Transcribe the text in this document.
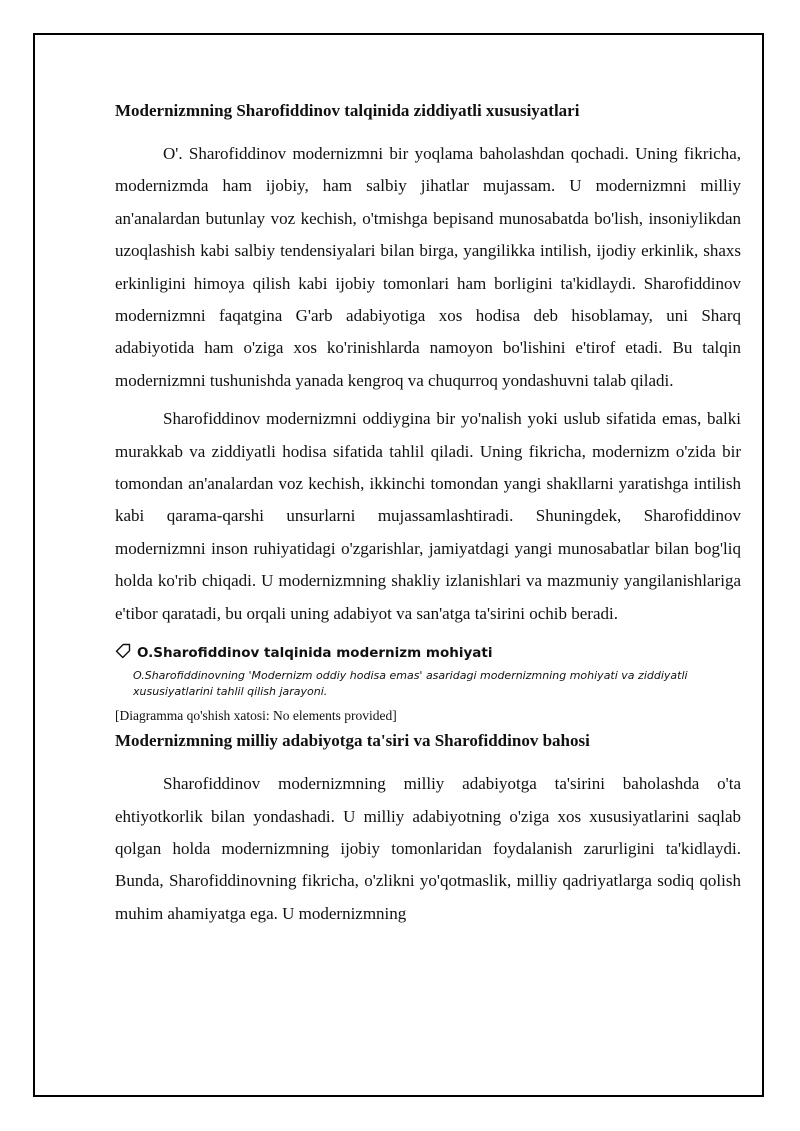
Modernizmning Sharofiddinov talqinida ziddiyatli xususiyatlari

O'. Sharofiddinov modernizmni bir yoqlama baholashdan qochadi. Uning fikricha, modernizmda ham ijobiy, ham salbiy jihatlar mujassam. U modernizmni milliy an'analardan butunlay voz kechish, o'tmishga bepisand munosabatda bo'lish, insoniylikdan uzoqlashish kabi salbiy tendensiyalari bilan birga, yangilikka intilish, ijodiy erkinlik, shaxs erkinligini himoya qilish kabi ijobiy tomonlari ham borligini ta'kidlaydi. Sharofiddinov modernizmni faqatgina G'arb adabiyotiga xos hodisa deb hisoblamay, uni Sharq adabiyotida ham o'ziga xos ko'rinishlarda namoyon bo'lishini e'tirof etadi. Bu talqin modernizmni tushunishda yanada kengroq va chuqurroq yondashuvni talab qiladi.

Sharofiddinov modernizmni oddiygina bir yo'nalish yoki uslub sifatida emas, balki murakkab va ziddiyatli hodisa sifatida tahlil qiladi. Uning fikricha, modernizm o'zida bir tomondan an'analardan voz kechish, ikkinchi tomondan yangi shakllarni yaratishga intilish kabi qarama-qarshi unsurlarni mujassamlashtiradi. Shuningdek, Sharofiddinov modernizmni inson ruhiyatidagi o'zgarishlar, jamiyatdagi yangi munosabatlar bilan bog'liq holda ko'rib chiqadi. U modernizmning shakliy izlanishlari va mazmuniy yangilanishlariga e'tibor qaratadi, bu orqali uning adabiyot va san'atga ta'sirini ochib beradi.

O.Sharofiddinov talqinida modernizm mohiyati
O.Sharofiddinovning 'Modernizm oddiy hodisa emas' asaridagi modernizmning mohiyati va ziddiyatli xususiyatlarini tahlil qilish jarayoni.
[Diagramma qo'shish xatosi: No elements provided]
Modernizmning milliy adabiyotga ta'siri va Sharofiddinov bahosi

Sharofiddinov modernizmning milliy adabiyotga ta'sirini baholashda o'ta ehtiyotkorlik bilan yondashadi. U milliy adabiyotning o'ziga xos xususiyatlarini saqlab qolgan holda modernizmning ijobiy tomonlaridan foydalanish zarurligini ta'kidlaydi. Bunda, Sharofiddinovning fikricha, o'zlikni yo'qotmaslik, milliy qadriyatlarga sodiq qolish muhim ahamiyatga ega. U modernizmning
